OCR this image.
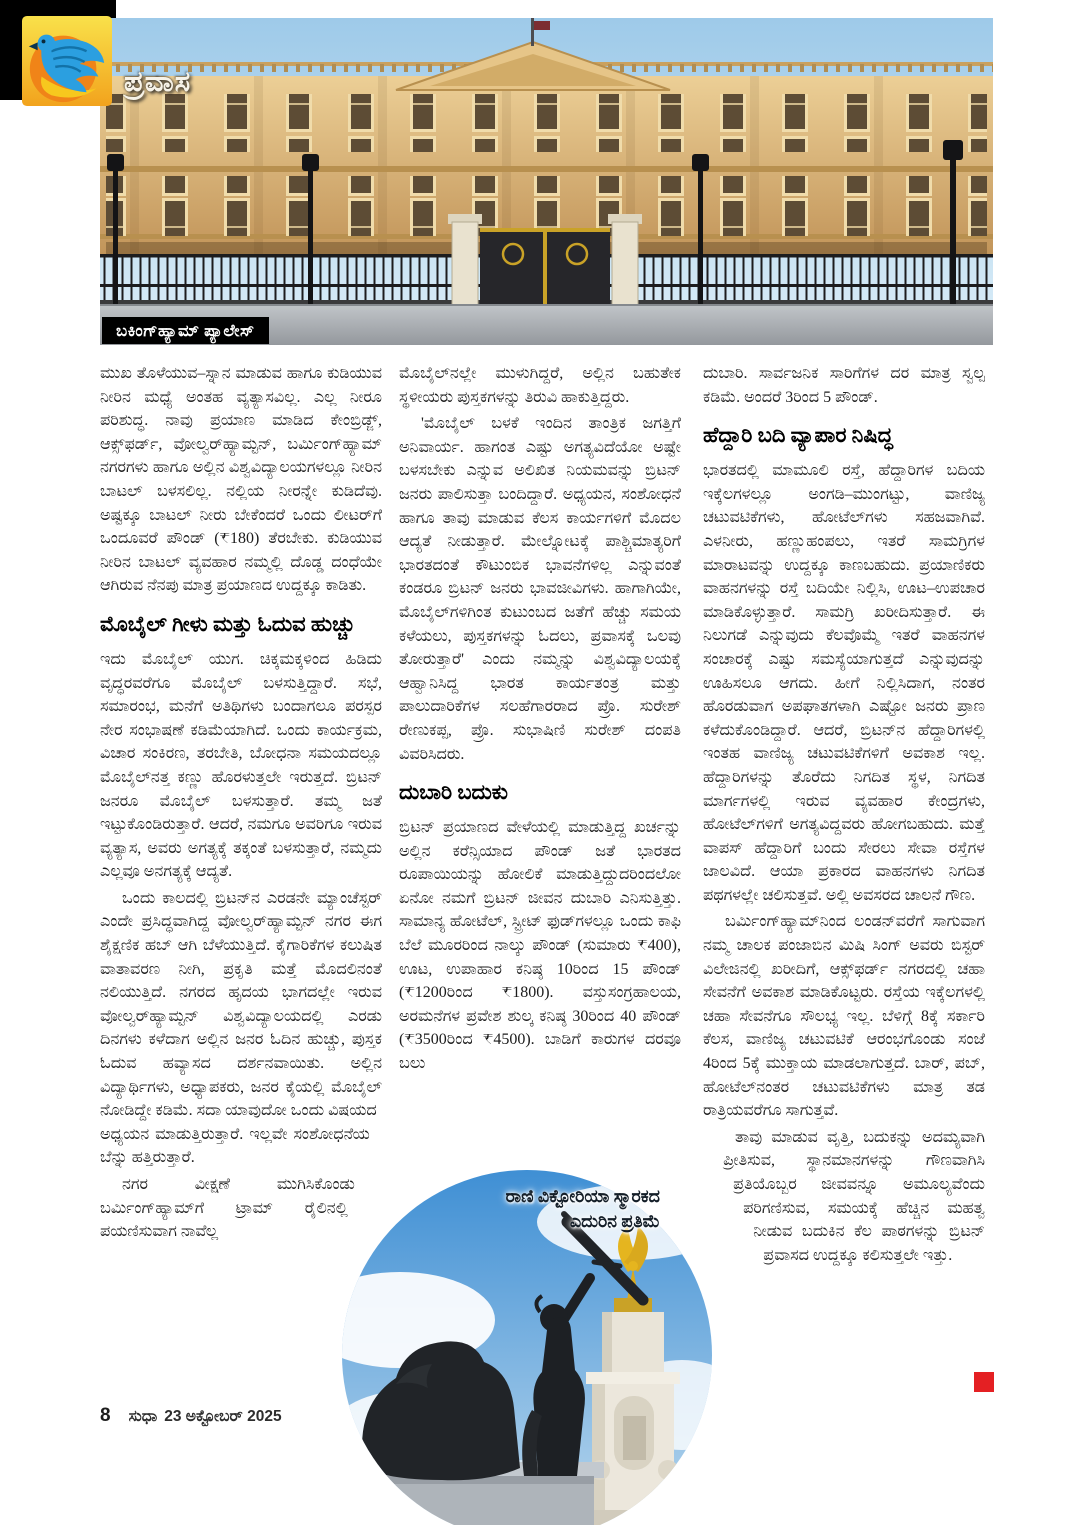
ಪ್ರವಾಸ
ಬಕಿಂಗ್‌ಹ್ಯಾಮ್ ಪ್ಯಾಲೇಸ್

ಮುಖ ತೊಳೆಯುವ–ಸ್ನಾನ ಮಾಡುವ ಹಾಗೂ ಕುಡಿಯುವ ನೀರಿನ ಮಧ್ಯೆ ಅಂತಹ ವ್ಯತ್ಯಾಸವಿಲ್ಲ. ಎಲ್ಲ ನೀರೂ ಪರಿಶುದ್ಧ. ನಾವು ಪ್ರಯಾಣ ಮಾಡಿದ ಕೇಂಬ್ರಿಡ್ಜ್, ಆಕ್ಸ್‌ಫರ್ಡ್, ವೋಲ್ವರ್‌ಹ್ಯಾಮ್ಟನ್, ಬರ್ಮಿಂಗ್‌ಹ್ಯಾಮ್ ನಗರಗಳು ಹಾಗೂ ಅಲ್ಲಿನ ವಿಶ್ವವಿದ್ಯಾಲಯಗಳಲ್ಲೂ ನೀರಿನ ಬಾಟಲ್ ಬಳಸಲಿಲ್ಲ. ನಲ್ಲಿಯ ನೀರನ್ನೇ ಕುಡಿದೆವು. ಅಷ್ಟಕ್ಕೂ ಬಾಟಲ್ ನೀರು ಬೇಕೆಂದರೆ ಒಂದು ಲೀಟರ್‌ಗೆ ಒಂದೂವರೆ ಪೌಂಡ್ (₹180) ತೆರಬೇಕು. ಕುಡಿಯುವ ನೀರಿನ ಬಾಟಲ್ ವ್ಯವಹಾರ ನಮ್ಮಲ್ಲಿ ದೊಡ್ಡ ದಂಧೆಯೇ ಆಗಿರುವ ನೆನಪು ಮಾತ್ರ ಪ್ರಯಾಣದ ಉದ್ದಕ್ಕೂ ಕಾಡಿತು.

ಮೊಬೈಲ್ ಗೀಳು ಮತ್ತು ಓದುವ ಹುಚ್ಚು

ಇದು ಮೊಬೈಲ್ ಯುಗ. ಚಿಕ್ಕಮಕ್ಕಳಿಂದ ಹಿಡಿದು ವೃದ್ಧರವರೆಗೂ ಮೊಬೈಲ್ ಬಳಸುತ್ತಿದ್ದಾರೆ. ಸಭೆ, ಸಮಾರಂಭ, ಮನೆಗೆ ಅತಿಥಿಗಳು ಬಂದಾಗಲೂ ಪರಸ್ಪರ ನೇರ ಸಂಭಾಷಣೆ ಕಡಿಮೆಯಾಗಿದೆ. ಒಂದು ಕಾರ್ಯಕ್ರಮ, ವಿಚಾರ ಸಂಕಿರಣ, ತರಬೇತಿ, ಬೋಧನಾ ಸಮಯದಲ್ಲೂ ಮೊಬೈಲ್‌ನತ್ತ ಕಣ್ಣು ಹೊರಳುತ್ತಲೇ ಇರುತ್ತದೆ. ಬ್ರಿಟನ್ ಜನರೂ ಮೊಬೈಲ್ ಬಳಸುತ್ತಾರೆ. ತಮ್ಮ ಜತೆ ಇಟ್ಟುಕೊಂಡಿರುತ್ತಾರೆ. ಆದರೆ, ನಮಗೂ ಅವರಿಗೂ ಇರುವ ವ್ಯತ್ಯಾಸ, ಅವರು ಅಗತ್ಯಕ್ಕೆ ತಕ್ಕಂತೆ ಬಳಸುತ್ತಾರೆ, ನಮ್ಮದು ಎಲ್ಲವೂ ಅನಗತ್ಯಕ್ಕೆ ಆದ್ಯತೆ.

ಒಂದು ಕಾಲದಲ್ಲಿ ಬ್ರಿಟನ್‌ನ ಎರಡನೇ ಮ್ಯಾಂಚೆಸ್ಟರ್ ಎಂದೇ ಪ್ರಸಿದ್ಧವಾಗಿದ್ದ ವೋಲ್ವರ್‌ಹ್ಯಾಮ್ಟನ್ ನಗರ ಈಗ ಶೈಕ್ಷಣಿಕ ಹಬ್ ಆಗಿ ಬೆಳೆಯುತ್ತಿದೆ. ಕೈಗಾರಿಕೆಗಳ ಕಲುಷಿತ ವಾತಾವರಣ ನೀಗಿ, ಪ್ರಕೃತಿ ಮತ್ತೆ ಮೊದಲಿನಂತೆ ನಲಿಯುತ್ತಿದೆ. ನಗರದ ಹೃದಯ ಭಾಗದಲ್ಲೇ ಇರುವ ವೋಲ್ವರ್‌ಹ್ಯಾಮ್ಟನ್ ವಿಶ್ವವಿದ್ಯಾಲಯದಲ್ಲಿ ಎರಡು ದಿನಗಳು ಕಳೆದಾಗ ಅಲ್ಲಿನ ಜನರ ಓದಿನ ಹುಚ್ಚು, ಪುಸ್ತಕ ಓದುವ ಹವ್ಯಾಸದ ದರ್ಶನವಾಯಿತು. ಅಲ್ಲಿನ ವಿದ್ಯಾರ್ಥಿಗಳು, ಅಧ್ಯಾಪಕರು, ಜನರ ಕೈಯಲ್ಲಿ ಮೊಬೈಲ್ ನೋಡಿದ್ದೇ ಕಡಿಮೆ. ಸದಾ ಯಾವುದೋ ಒಂದು ವಿಷಯದ ಅಧ್ಯಯನ ಮಾಡುತ್ತಿರುತ್ತಾರೆ. ಇಲ್ಲವೇ ಸಂಶೋಧನೆಯ ಬೆನ್ನು ಹತ್ತಿರುತ್ತಾರೆ.

ನಗರ ವೀಕ್ಷಣೆ ಮುಗಿಸಿಕೊಂಡು ಬರ್ಮಿಂಗ್‌ಹ್ಯಾಮ್‌ಗೆ ಟ್ರಾಮ್ ರೈಲಿನಲ್ಲಿ ಪಯಣಿಸುವಾಗ ನಾವೆಲ್ಲ

ಮೊಬೈಲ್‌ನಲ್ಲೇ ಮುಳುಗಿದ್ದರೆ, ಅಲ್ಲಿನ ಬಹುತೇಕ ಸ್ಥಳೀಯರು ಪುಸ್ತಕಗಳನ್ನು ತಿರುವಿ ಹಾಕುತ್ತಿದ್ದರು.

'ಮೊಬೈಲ್ ಬಳಕೆ ಇಂದಿನ ತಾಂತ್ರಿಕ ಜಗತ್ತಿಗೆ ಅನಿವಾರ್ಯ. ಹಾಗಂತ ಎಷ್ಟು ಅಗತ್ಯವಿದೆಯೋ ಅಷ್ಟೇ ಬಳಸಬೇಕು ಎನ್ನುವ ಅಲಿಖಿತ ನಿಯಮವನ್ನು ಬ್ರಿಟನ್ ಜನರು ಪಾಲಿಸುತ್ತಾ ಬಂದಿದ್ದಾರೆ. ಅಧ್ಯಯನ, ಸಂಶೋಧನೆ ಹಾಗೂ ತಾವು ಮಾಡುವ ಕೆಲಸ ಕಾರ್ಯಗಳಿಗೆ ಮೊದಲ ಆದ್ಯತೆ ನೀಡುತ್ತಾರೆ. ಮೇಲ್ನೋಟಕ್ಕೆ ಪಾಶ್ಚಿಮಾತ್ಯರಿಗೆ ಭಾರತದಂತೆ ಕೌಟುಂಬಿಕ ಭಾವನೆಗಳಿಲ್ಲ ಎನ್ನುವಂತೆ ಕಂಡರೂ ಬ್ರಿಟನ್ ಜನರು ಭಾವಜೀವಿಗಳು. ಹಾಗಾಗಿಯೇ, ಮೊಬೈಲ್‌ಗಳಿಗಿಂತ ಕುಟುಂಬದ ಜತೆಗೆ ಹೆಚ್ಚು ಸಮಯ ಕಳೆಯಲು, ಪುಸ್ತಕಗಳನ್ನು ಓದಲು, ಪ್ರವಾಸಕ್ಕೆ ಒಲವು ತೋರುತ್ತಾರೆ' ಎಂದು ನಮ್ಮನ್ನು ವಿಶ್ವವಿದ್ಯಾಲಯಕ್ಕೆ ಆಹ್ವಾನಿಸಿದ್ದ ಭಾರತ ಕಾರ್ಯತಂತ್ರ ಮತ್ತು ಪಾಲುದಾರಿಕೆಗಳ ಸಲಹೆಗಾರರಾದ ಪ್ರೊ. ಸುರೇಶ್ ರೇಣುಕಪ್ಪ, ಪ್ರೊ. ಸುಭಾಷಿಣಿ ಸುರೇಶ್ ದಂಪತಿ ವಿವರಿಸಿದರು.

ದುಬಾರಿ ಬದುಕು

ಬ್ರಿಟನ್ ಪ್ರಯಾಣದ ವೇಳೆಯಲ್ಲಿ ಮಾಡುತ್ತಿದ್ದ ಖರ್ಚನ್ನು ಅಲ್ಲಿನ ಕರೆನ್ಸಿಯಾದ ಪೌಂಡ್ ಜತೆ ಭಾರತದ ರೂಪಾಯಿಯನ್ನು ಹೋಲಿಕೆ ಮಾಡುತ್ತಿದ್ದುದರಿಂದಲೋ ಏನೋ ನಮಗೆ ಬ್ರಿಟನ್ ಜೀವನ ದುಬಾರಿ ಎನಿಸುತ್ತಿತ್ತು. ಸಾಮಾನ್ಯ ಹೋಟೆಲ್, ಸ್ಟ್ರೀಟ್ ಫುಡ್‌ಗಳಲ್ಲೂ ಒಂದು ಕಾಫಿ ಬೆಲೆ ಮೂರರಿಂದ ನಾಲ್ಕು ಪೌಂಡ್ (ಸುಮಾರು ₹400), ಊಟ, ಉಪಾಹಾರ ಕನಿಷ್ಠ 10ರಿಂದ 15 ಪೌಂಡ್ (₹1200ರಿಂದ ₹1800). ವಸ್ತುಸಂಗ್ರಹಾಲಯ, ಅರಮನೆಗಳ ಪ್ರವೇಶ ಶುಲ್ಕ ಕನಿಷ್ಠ 30ರಿಂದ 40 ಪೌಂಡ್ (₹3500ರಿಂದ ₹4500). ಬಾಡಿಗೆ ಕಾರುಗಳ ದರವೂ ಬಲು

ದುಬಾರಿ. ಸಾರ್ವಜನಿಕ ಸಾರಿಗೆಗಳ ದರ ಮಾತ್ರ ಸ್ವಲ್ಪ ಕಡಿಮೆ. ಅಂದರೆ 3ರಿಂದ 5 ಪೌಂಡ್.

ಹೆದ್ದಾರಿ ಬದಿ ವ್ಯಾಪಾರ ನಿಷಿದ್ಧ

ಭಾರತದಲ್ಲಿ ಮಾಮೂಲಿ ರಸ್ತೆ, ಹೆದ್ದಾರಿಗಳ ಬದಿಯ ಇಕ್ಕೆಲಗಳಲ್ಲೂ ಅಂಗಡಿ–ಮುಂಗಟ್ಟು, ವಾಣಿಜ್ಯ ಚಟುವಟಿಕೆಗಳು, ಹೋಟೆಲ್‌ಗಳು ಸಹಜವಾಗಿವೆ. ಎಳನೀರು, ಹಣ್ಣುಹಂಪಲು, ಇತರೆ ಸಾಮಗ್ರಿಗಳ ಮಾರಾಟವನ್ನು ಉದ್ದಕ್ಕೂ ಕಾಣಬಹುದು. ಪ್ರಯಾಣಿಕರು ವಾಹನಗಳನ್ನು ರಸ್ತೆ ಬದಿಯೇ ನಿಲ್ಲಿಸಿ, ಊಟ–ಉಪಚಾರ ಮಾಡಿಕೊಳ್ಳುತ್ತಾರೆ. ಸಾಮಗ್ರಿ ಖರೀದಿಸುತ್ತಾರೆ. ಈ ನಿಲುಗಡೆ ಎನ್ನುವುದು ಕೆಲವೊಮ್ಮೆ ಇತರೆ ವಾಹನಗಳ ಸಂಚಾರಕ್ಕೆ ಎಷ್ಟು ಸಮಸ್ಯೆಯಾಗುತ್ತದೆ ಎನ್ನುವುದನ್ನು ಊಹಿಸಲೂ ಆಗದು. ಹೀಗೆ ನಿಲ್ಲಿಸಿದಾಗ, ನಂತರ ಹೊರಡುವಾಗ ಅಪಘಾತಗಳಾಗಿ ಎಷ್ಟೋ ಜನರು ಪ್ರಾಣ ಕಳೆದುಕೊಂಡಿದ್ದಾರೆ. ಆದರೆ, ಬ್ರಿಟನ್‌ನ ಹೆದ್ದಾರಿಗಳಲ್ಲಿ ಇಂತಹ ವಾಣಿಜ್ಯ ಚಟುವಟಿಕೆಗಳಿಗೆ ಅವಕಾಶ ಇಲ್ಲ. ಹೆದ್ದಾರಿಗಳನ್ನು ತೊರೆದು ನಿಗದಿತ ಸ್ಥಳ, ನಿಗದಿತ ಮಾರ್ಗಗಳಲ್ಲಿ ಇರುವ ವ್ಯವಹಾರ ಕೇಂದ್ರಗಳು, ಹೋಟೆಲ್‌ಗಳಿಗೆ ಅಗತ್ಯವಿದ್ದವರು ಹೋಗಬಹುದು. ಮತ್ತೆ ವಾಪಸ್ ಹೆದ್ದಾರಿಗೆ ಬಂದು ಸೇರಲು ಸೇವಾ ರಸ್ತೆಗಳ ಜಾಲವಿದೆ. ಆಯಾ ಪ್ರಕಾರದ ವಾಹನಗಳು ನಿಗದಿತ ಪಥಗಳಲ್ಲೇ ಚಲಿಸುತ್ತವೆ. ಅಲ್ಲಿ ಅವಸರದ ಚಾಲನೆ ಗೌಣ.

ಬರ್ಮಿಂಗ್‌ಹ್ಯಾಮ್‌ನಿಂದ ಲಂಡನ್‌ವರೆಗೆ ಸಾಗುವಾಗ ನಮ್ಮ ಚಾಲಕ ಪಂಜಾಬಿನ ಮಿಷಿ ಸಿಂಗ್ ಅವರು ಬಿಸ್ಟರ್ ವಿಲೇಜಿನಲ್ಲಿ ಖರೀದಿಗೆ, ಆಕ್ಸ್‌ಫರ್ಡ್ ನಗರದಲ್ಲಿ ಚಹಾ ಸೇವನೆಗೆ ಅವಕಾಶ ಮಾಡಿಕೊಟ್ಟರು. ರಸ್ತೆಯ ಇಕ್ಕೆಲಗಳಲ್ಲಿ ಚಹಾ ಸೇವನೆಗೂ ಸೌಲಭ್ಯ ಇಲ್ಲ. ಬೆಳಿಗ್ಗೆ 8ಕ್ಕೆ ಸರ್ಕಾರಿ ಕೆಲಸ, ವಾಣಿಜ್ಯ ಚಟುವಟಿಕೆ ಆರಂಭಗೊಂಡು ಸಂಜೆ 4ರಿಂದ 5ಕ್ಕೆ ಮುಕ್ತಾಯ ಮಾಡಲಾಗುತ್ತದೆ. ಬಾರ್, ಪಬ್, ಹೋಟೆಲ್‌ನಂತರ ಚಟುವಟಿಕೆಗಳು ಮಾತ್ರ ತಡ ರಾತ್ರಿಯವರೆಗೂ ಸಾಗುತ್ತವೆ.

ತಾವು ಮಾಡುವ ವೃತ್ತಿ, ಬದುಕನ್ನು ಅದಮ್ಯವಾಗಿ ಪ್ರೀತಿಸುವ, ಸ್ಥಾನಮಾನಗಳನ್ನು ಗೌಣವಾಗಿಸಿ ಪ್ರತಿಯೊಬ್ಬರ ಜೀವವನ್ನೂ ಅಮೂಲ್ಯವೆಂದು ಪರಿಗಣಿಸುವ, ಸಮಯಕ್ಕೆ ಹೆಚ್ಚಿನ ಮಹತ್ವ ನೀಡುವ ಬದುಕಿನ ಕೆಲ ಪಾಠಗಳನ್ನು ಬ್ರಿಟನ್ ಪ್ರವಾಸದ ಉದ್ದಕ್ಕೂ ಕಲಿಸುತ್ತಲೇ ಇತ್ತು.

ರಾಣಿ ವಿಕ್ಟೋರಿಯಾ ಸ್ಮಾರಕದ ಎದುರಿನ ಪ್ರತಿಮೆ
8 ಸುಧಾ 23 ಅಕ್ಟೋಬರ್ 2025
